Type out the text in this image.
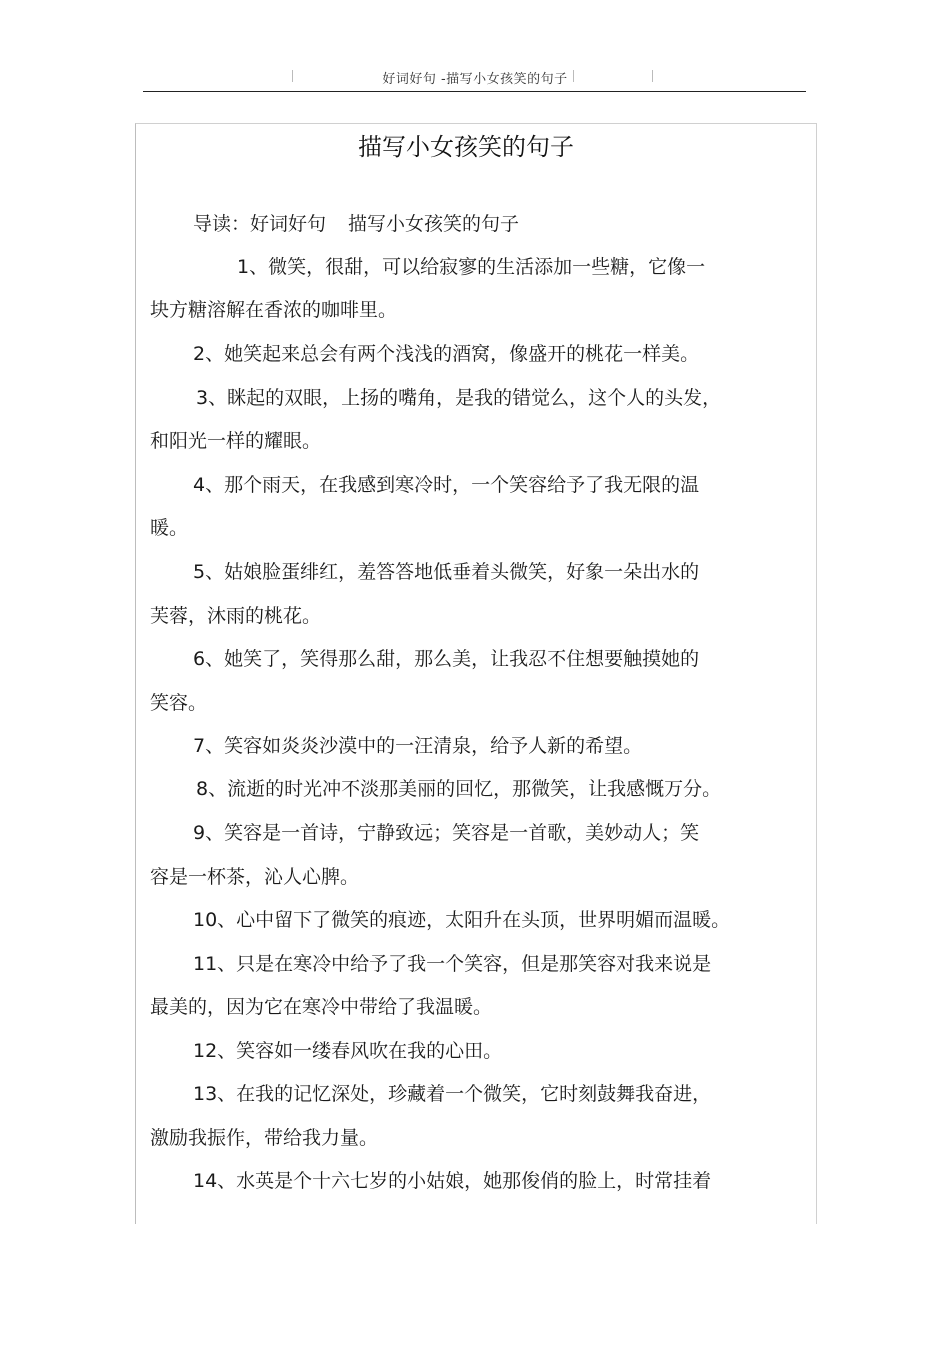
好词好句 -描写小女孩笑的句子
描写小女孩笑的句子
导读：好词好句 描写小女孩笑的句子
1、微笑，很甜，可以给寂寥的生活添加一些糖，它像一
块方糖溶解在香浓的咖啡里。
2、她笑起来总会有两个浅浅的酒窝，像盛开的桃花一样美。
3、眯起的双眼，上扬的嘴角，是我的错觉么，这个人的头发，
和阳光一样的耀眼。
4、那个雨天，在我感到寒冷时，一个笑容给予了我无限的温
暖。
5、姑娘脸蛋绯红，羞答答地低垂着头微笑，好象一朵出水的
芙蓉，沐雨的桃花。
6、她笑了，笑得那么甜，那么美，让我忍不住想要触摸她的
笑容。
7、笑容如炎炎沙漠中的一汪清泉，给予人新的希望。
8、流逝的时光冲不淡那美丽的回忆，那微笑，让我感慨万分。
9、笑容是一首诗，宁静致远；笑容是一首歌，美妙动人；笑
容是一杯茶，沁人心脾。
10、心中留下了微笑的痕迹，太阳升在头顶，世界明媚而温暖。
11、只是在寒冷中给予了我一个笑容，但是那笑容对我来说是
最美的，因为它在寒冷中带给了我温暖。
12、笑容如一缕春风吹在我的心田。
13、在我的记忆深处，珍藏着一个微笑，它时刻鼓舞我奋进，
激励我振作，带给我力量。
14、水英是个十六七岁的小姑娘，她那俊俏的脸上，时常挂着
